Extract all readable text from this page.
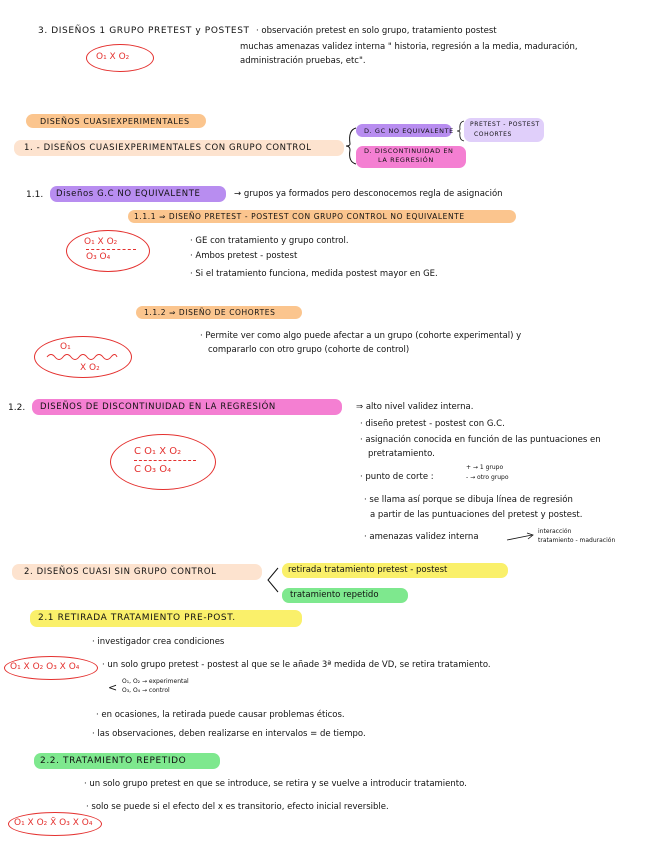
3. DISEÑOS 1 GRUPO PRETEST y POSTEST · observación pretest en solo grupo, tratamiento postest
muchas amenazas validez interna " historia, regresión a la media, maduración,
administración pruebas, etc".
O₁ X O₂
DISEÑOS CUASIEXPERIMENTALES
1. - DISEÑOS CUASIEXPERIMENTALES CON GRUPO CONTROL
D. GC NO EQUIVALENTE
D. DISCONTINUIDAD EN
LA REGRESIÓN
PRETEST - POSTEST
COHORTES
1.1. Diseños G.C NO EQUIVALENTE	→ grupos ya formados pero desconocemos regla de asignación
1.1.1 ⇒ DISEÑO PRETEST - POSTEST CON GRUPO CONTROL NO EQUIVALENTE
O₁ X O₂
O₃ O₄
· GE con tratamiento y grupo control.
· Ambos pretest - postest
· Si el tratamiento funciona, medida postest mayor en GE.
1.1.2 ⇒ DISEÑO DE COHORTES
· Permite ver como algo puede afectar a un grupo (cohorte experimental) y
compararlo con otro grupo (cohorte de control)
O₁
X O₂
1.2. DISEÑOS DE DISCONTINUIDAD EN LA REGRESIÓN	⇒ alto nivel validez interna.
· diseño pretest - postest con G.C.
· asignación conocida en función de las puntuaciones en
pretratamiento.
· punto de corte :
+ → 1 grupo
- → otro grupo
· se llama así porque se dibuja línea de regresión
a partir de las puntuaciones del pretest y postest.
· amenazas validez interna
interacción
tratamiento - maduración
C O₁ X O₂
C O₃ O₄
2. DISEÑOS CUASI SIN GRUPO CONTROL	retirada tratamiento pretest - postest
tratamiento repetido
2.1 RETIRADA TRATAMIENTO PRE-POST.
· investigador crea condiciones
O₁ X O₂ O₃ X O₄	· un solo grupo pretest - postest al que se le añade 3ª medida de VD, se retira tratamiento.
< O₁, O₂ → experimental
O₃, O₄ → control
· en ocasiones, la retirada puede causar problemas éticos.
· las observaciones, deben realizarse en intervalos = de tiempo.
2.2. TRATAMIENTO REPETIDO
· un solo grupo pretest en que se introduce, se retira y se vuelve a introducir tratamiento.
· solo se puede si el efecto del x es transitorio, efecto inicial reversible.
O₁ X O₂ X̄ O₃ X O₄
